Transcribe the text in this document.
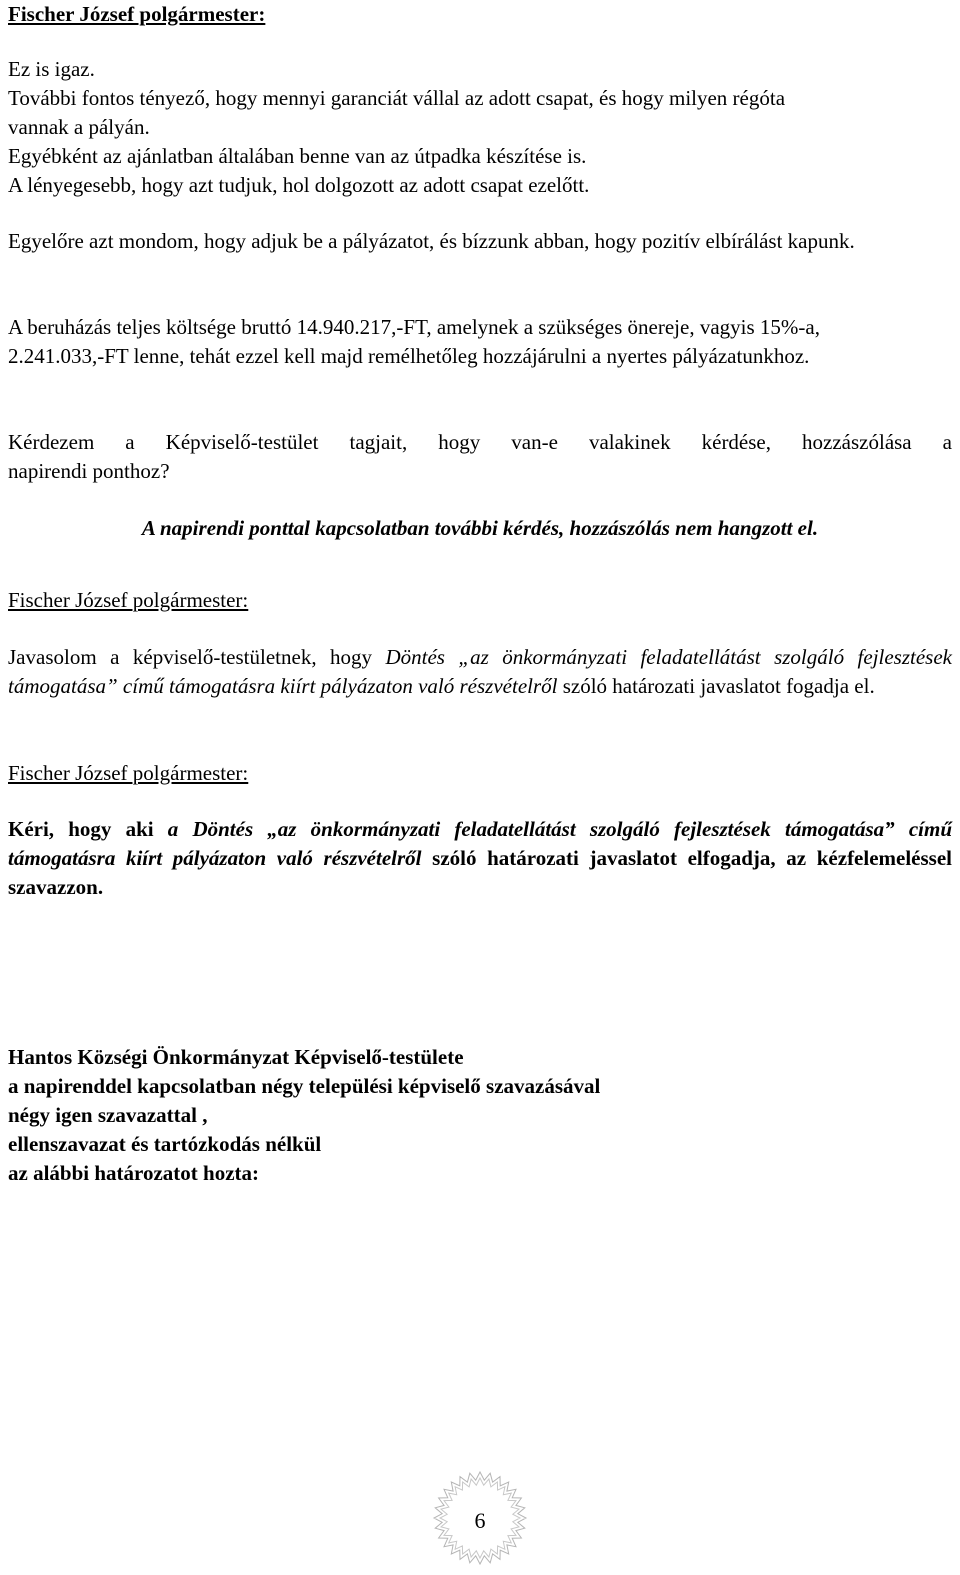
Fischer József polgármester:
Ez is igaz.
További fontos tényező, hogy mennyi garanciát vállal az adott csapat, és hogy milyen régóta
vannak a pályán.
Egyébként az ajánlatban általában benne van az útpadka készítése is.
A lényegesebb, hogy azt tudjuk, hol dolgozott az adott csapat ezelőtt.
Egyelőre azt mondom, hogy adjuk be a pályázatot, és bízzunk abban, hogy pozitív elbírálást kapunk.
A beruházás teljes költsége bruttó 14.940.217,-FT, amelynek a szükséges önereje, vagyis 15%-a, 2.241.033,-FT lenne, tehát ezzel kell majd remélhetőleg hozzájárulni a nyertes pályázatunkhoz.
Kérdezem a Képviselő-testület tagjait, hogy van-e valakinek kérdése, hozzászólása a
napirendi ponthoz?
A napirendi ponttal kapcsolatban további kérdés, hozzászólás nem hangzott el.
Fischer József polgármester:
Javasolom a képviselő-testületnek, hogy Döntés „az önkormányzati feladatellátást szolgáló fejlesztések támogatása” című támogatásra kiírt pályázaton való részvételről szóló határozati javaslatot fogadja el.
Fischer József polgármester:
Kéri, hogy aki a Döntés „az önkormányzati feladatellátást szolgáló fejlesztések támogatása” című támogatásra kiírt pályázaton való részvételről szóló határozati javaslatot elfogadja, az kézfelemeléssel szavazzon.
Hantos Községi Önkormányzat Képviselő-testülete
a napirenddel kapcsolatban négy települési képviselő szavazásával
négy igen szavazattal ,
ellenszavazat és tartózkodás nélkül
az alábbi határozatot hozta:
6
